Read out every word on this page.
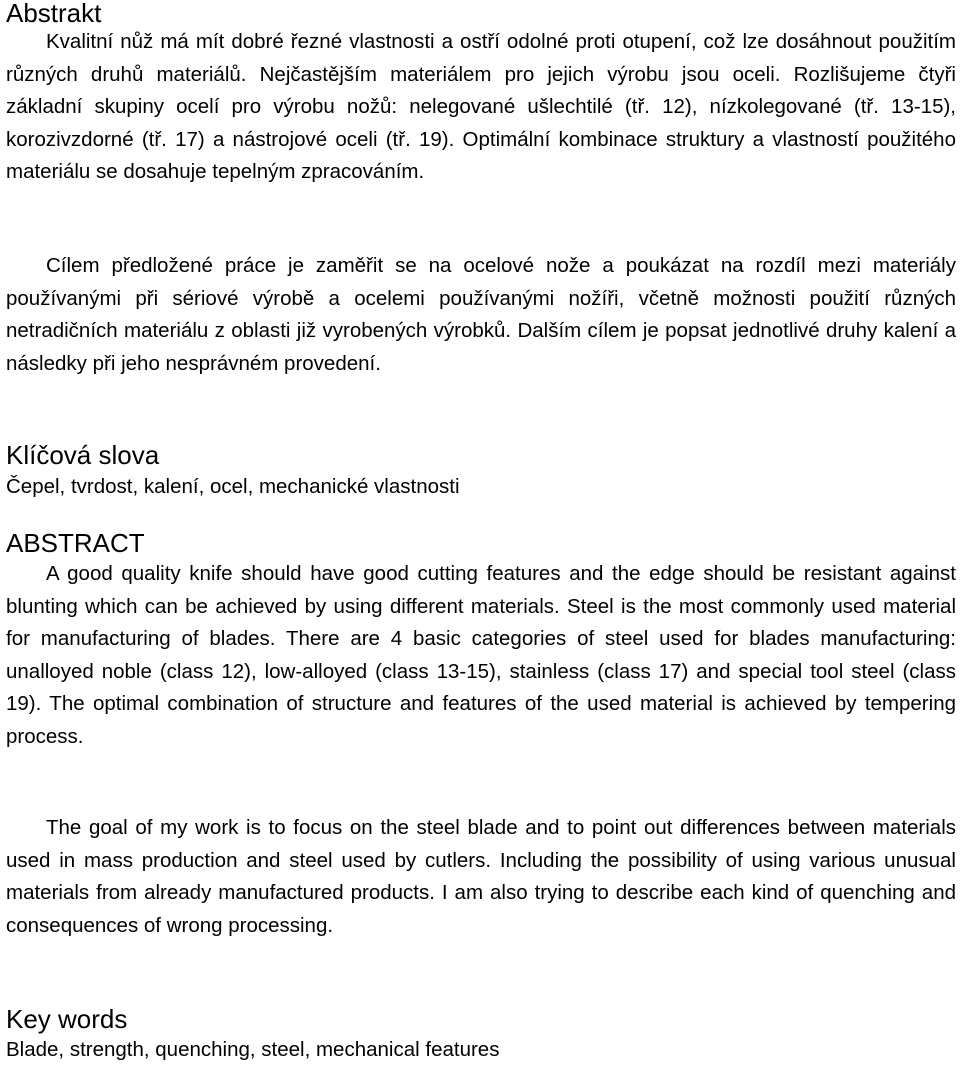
Abstrakt

Kvalitní nůž má mít dobré řezné vlastnosti a ostří odolné proti otupení, což lze dosáhnout použitím různých druhů materiálů. Nejčastějším materiálem pro jejich výrobu jsou oceli. Rozlišujeme čtyři základní skupiny ocelí pro výrobu nožů: nelegované ušlechtilé (tř. 12), nízkolegované (tř. 13-15), korozivzdorné (tř. 17) a nástrojové oceli (tř. 19). Optimální kombinace struktury a vlastností použitého materiálu se dosahuje tepelným zpracováním.

Cílem předložené práce je zaměřit se na ocelové nože a poukázat na rozdíl mezi materiály používanými při sériové výrobě a ocelemi používanými nožíři, včetně možnosti použití různých netradičních materiálu z oblasti již vyrobených výrobků. Dalším cílem je popsat jednotlivé druhy kalení a následky při jeho nesprávném provedení.

Klíčová slova

Čepel, tvrdost, kalení, ocel, mechanické vlastnosti

ABSTRACT

A good quality knife should have good cutting features and the edge should be resistant against blunting which can be achieved by using different materials. Steel is the most commonly used material for manufacturing of blades. There are 4 basic categories of steel used for blades manufacturing: unalloyed noble (class 12), low-alloyed (class 13-15), stainless (class 17) and special tool steel (class 19). The optimal combination of structure and features of the used material is achieved by tempering process.

The goal of my work is to focus on the steel blade and to point out differences between materials used in mass production and steel used by cutlers. Including the possibility of using various unusual materials from already manufactured products. I am also trying to describe each kind of quenching and consequences of wrong processing.

Key words

Blade, strength, quenching, steel, mechanical features
